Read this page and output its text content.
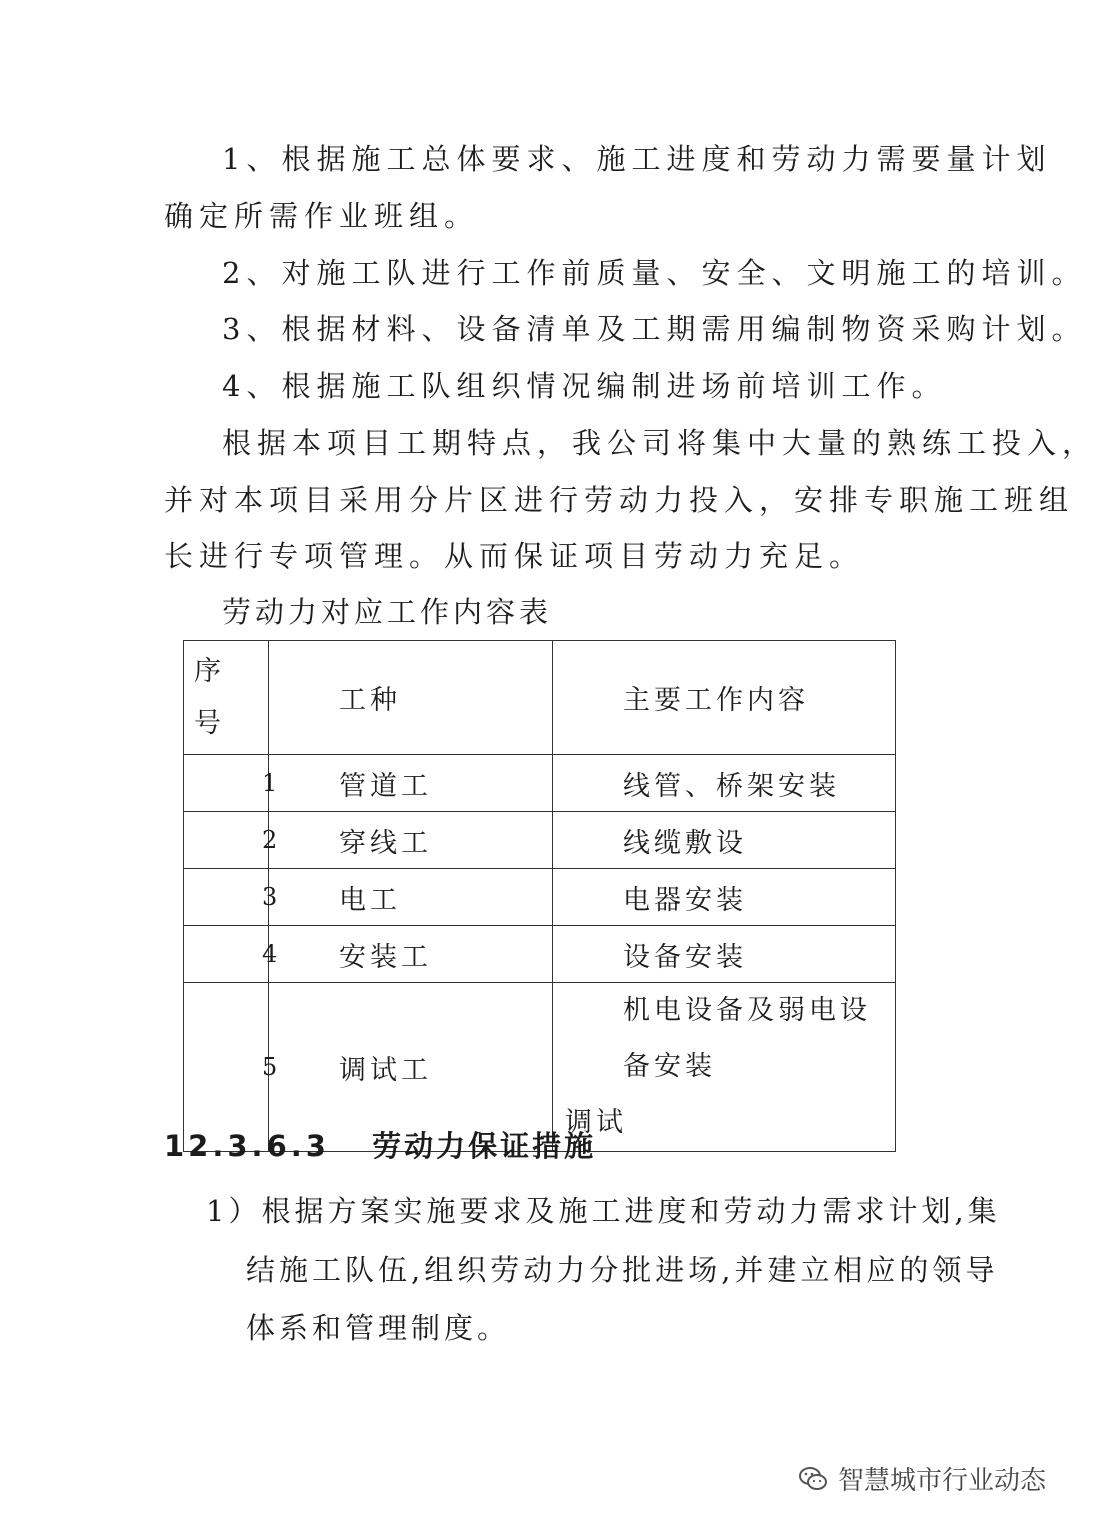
1、根据施工总体要求、施工进度和劳动力需要量计划
确定所需作业班组。
2、对施工队进行工作前质量、安全、文明施工的培训。
3、根据材料、设备清单及工期需用编制物资采购计划。
4、根据施工队组织情况编制进场前培训工作。
根据本项目工期特点，我公司将集中大量的熟练工投入，
并对本项目采用分片区进行劳动力投入，安排专职施工班组
长进行专项管理。从而保证项目劳动力充足。
劳动力对应工作内容表
序
号	工种	主要工作内容
1	管道工	线管、桥架安装
2	穿线工	线缆敷设
3	电工	电器安装
4	安装工	设备安装
5	调试工	机电设备及弱电设备安装
调试
12.3.6.3 劳动力保证措施
1）根据方案实施要求及施工进度和劳动力需求计划,集
结施工队伍,组织劳动力分批进场,并建立相应的领导
体系和管理制度。
智慧城市行业动态
